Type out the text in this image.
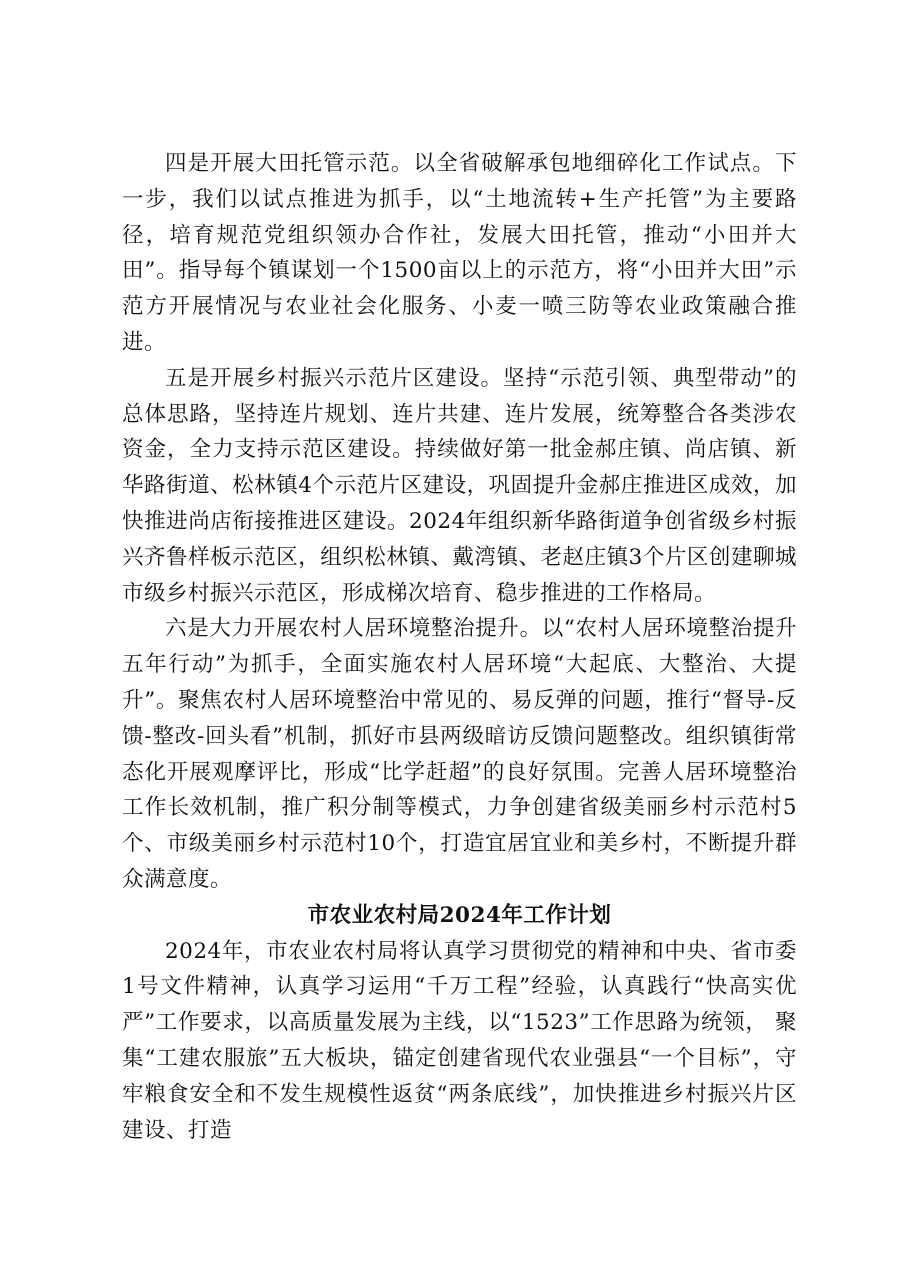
四是开展大田托管示范。以全省破解承包地细碎化工作试点。下一步，我们以试点推进为抓手，以“土地流转+生产托管”为主要路径，培育规范党组织领办合作社，发展大田托管，推动“小田并大田”。指导每个镇谋划一个1500亩以上的示范方，将“小田并大田”示范方开展情况与农业社会化服务、小麦一喷三防等农业政策融合推进。

五是开展乡村振兴示范片区建设。坚持“示范引领、典型带动”的总体思路，坚持连片规划、连片共建、连片发展，统筹整合各类涉农资金，全力支持示范区建设。持续做好第一批金郝庄镇、尚店镇、新华路街道、松林镇4个示范片区建设，巩固提升金郝庄推进区成效，加快推进尚店衔接推进区建设。2024年组织新华路街道争创省级乡村振兴齐鲁样板示范区，组织松林镇、戴湾镇、老赵庄镇3个片区创建聊城市级乡村振兴示范区，形成梯次培育、稳步推进的工作格局。

六是大力开展农村人居环境整治提升。以“农村人居环境整治提升五年行动”为抓手，全面实施农村人居环境“大起底、大整治、大提升”。聚焦农村人居环境整治中常见的、易反弹的问题，推行“督导-反馈-整改-回头看”机制，抓好市县两级暗访反馈问题整改。组织镇街常态化开展观摩评比，形成“比学赶超”的良好氛围。完善人居环境整治工作长效机制，推广积分制等模式，力争创建省级美丽乡村示范村5个、市级美丽乡村示范村10个，打造宜居宜业和美乡村，不断提升群众满意度。

市农业农村局2024年工作计划

2024年，市农业农村局将认真学习贯彻党的精神和中央、省市委1号文件精神，认真学习运用“千万工程”经验，认真践行“快高实优严”工作要求，以高质量发展为主线，以“1523”工作思路为统领， 聚集“工建农服旅”五大板块，锚定创建省现代农业强县“一个目标”，守牢粮食安全和不发生规模性返贫“两条底线”，加快推进乡村振兴片区建设、打造
